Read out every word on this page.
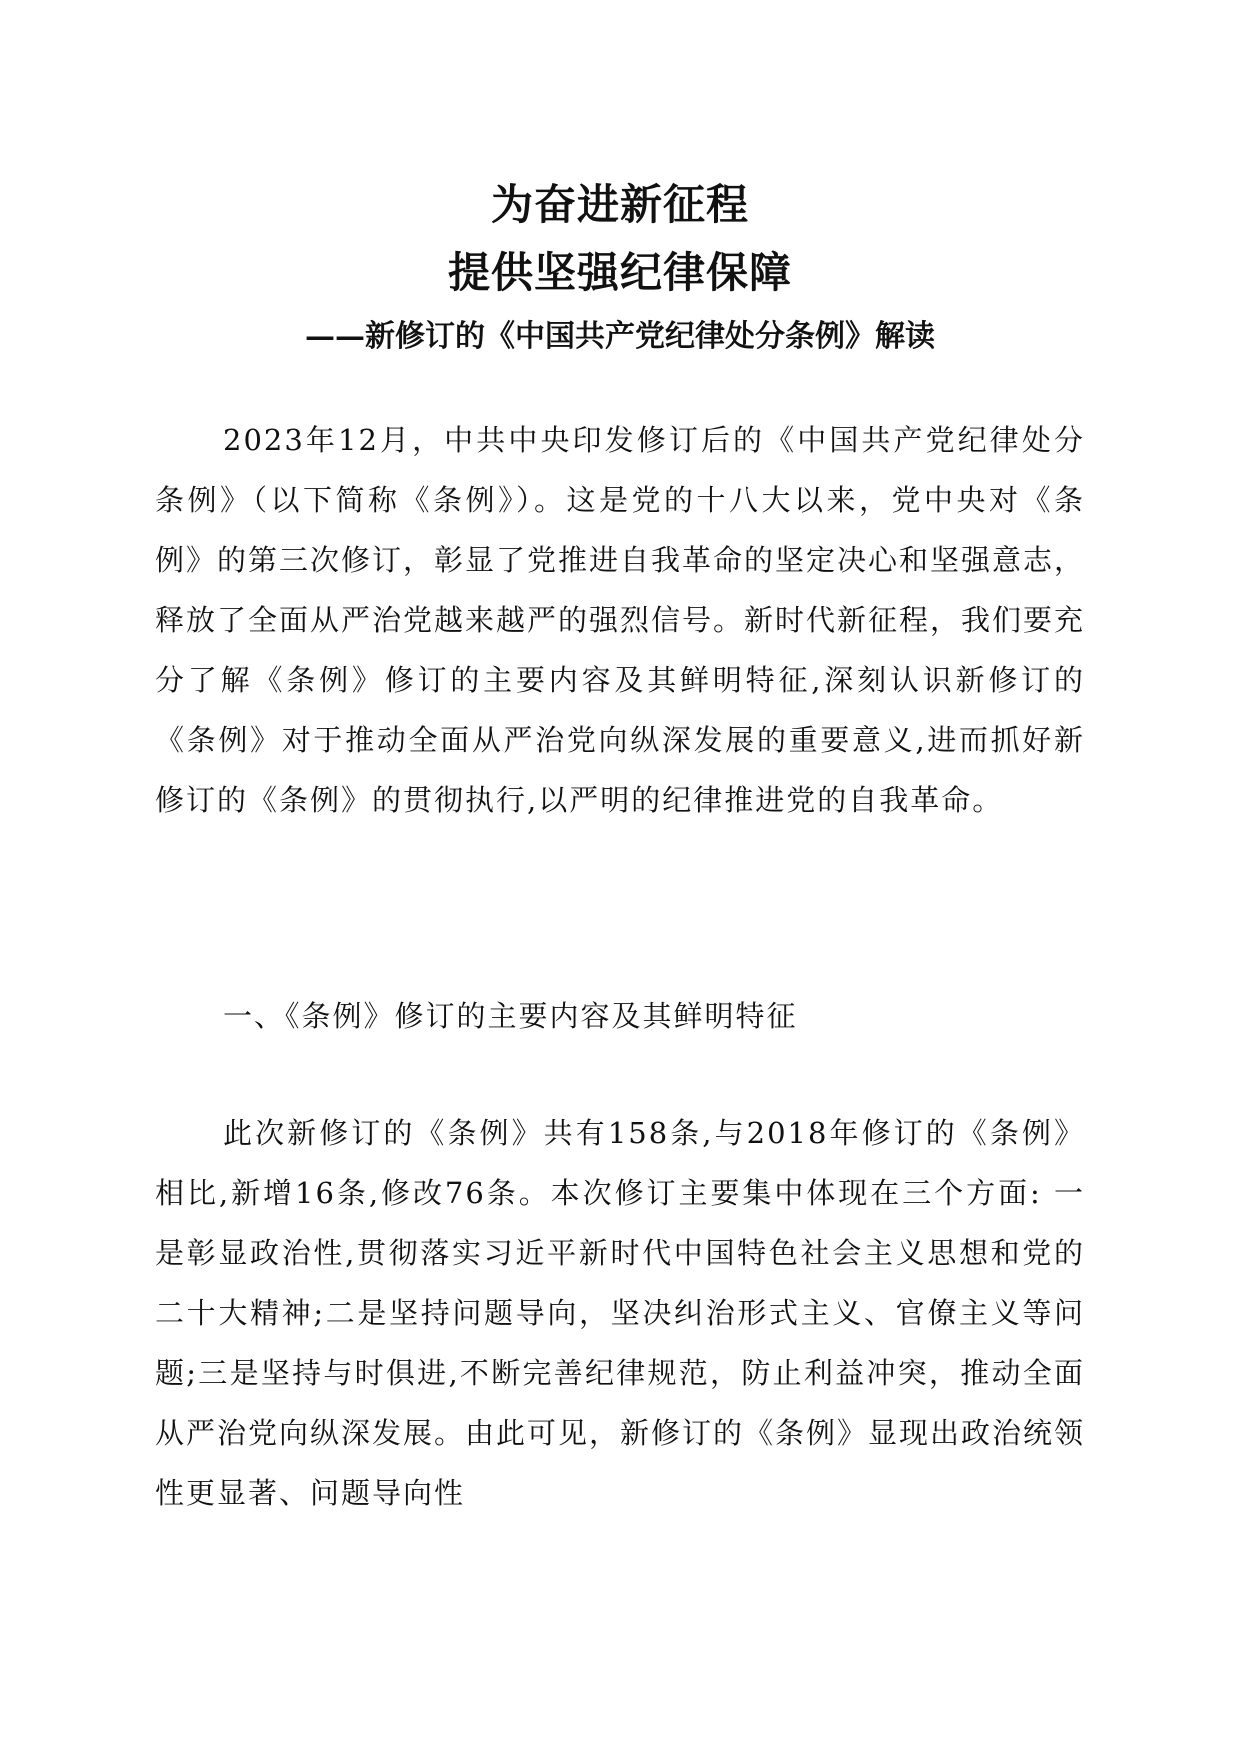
为奋进新征程
提供坚强纪律保障
——新修订的《中国共产党纪律处分条例》解读

2023年12月，中共中央印发修订后的《中国共产党纪律处分条例》（以下简称《条例》）。这是党的十八大以来，党中央对《条例》的第三次修订，彰显了党推进自我革命的坚定决心和坚强意志，释放了全面从严治党越来越严的强烈信号。新时代新征程，我们要充分了解《条例》修订的主要内容及其鲜明特征,深刻认识新修订的《条例》对于推动全面从严治党向纵深发展的重要意义,进而抓好新修订的《条例》的贯彻执行,以严明的纪律推进党的自我革命。

一、《条例》修订的主要内容及其鲜明特征

此次新修订的《条例》共有158条,与2018年修订的《条例》相比,新增16条,修改76条。本次修订主要集中体现在三个方面: 一是彰显政治性,贯彻落实习近平新时代中国特色社会主义思想和党的二十大精神;二是坚持问题导向，坚决纠治形式主义、官僚主义等问题;三是坚持与时俱进,不断完善纪律规范，防止利益冲突，推动全面从严治党向纵深发展。由此可见，新修订的《条例》显现出政治统领性更显著、问题导向性
